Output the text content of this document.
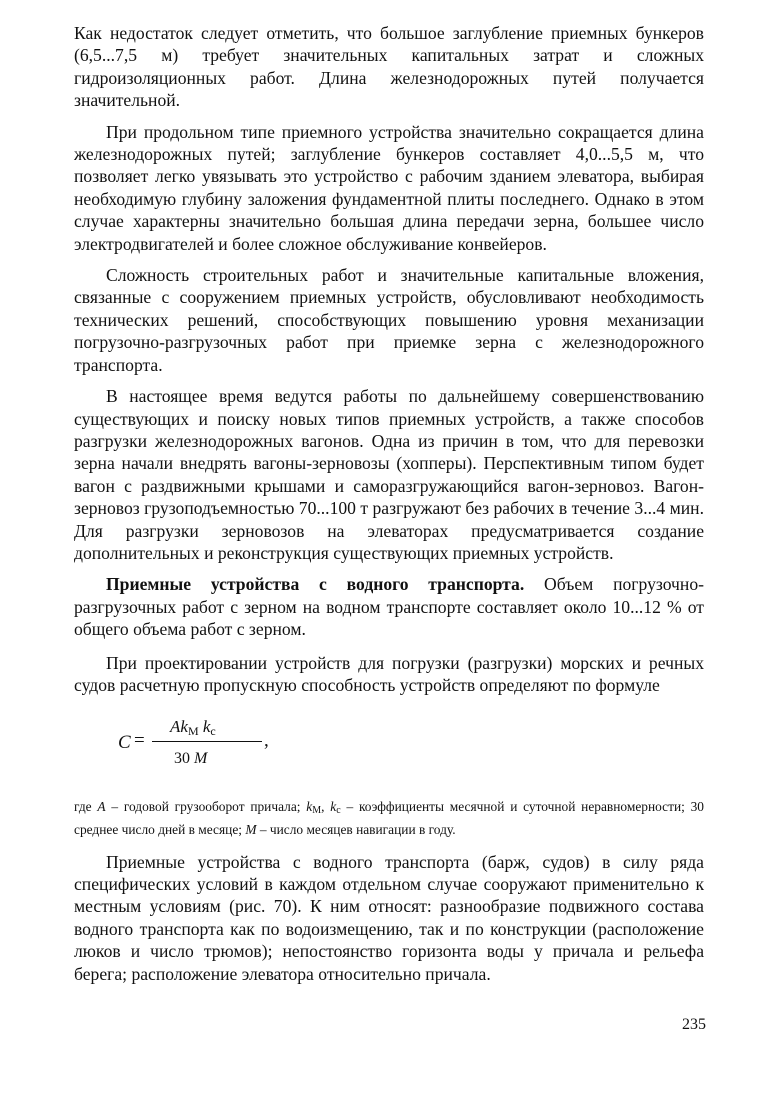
Как недостаток следует отметить, что большое заглубление приемных бункеров (6,5...7,5 м) требует значительных капитальных затрат и сложных гидроизоляционных работ. Длина железнодорожных путей получается значительной.

При продольном типе приемного устройства значительно сокращается длина железнодорожных путей; заглубление бункеров составляет 4,0...5,5 м, что позволяет легко увязывать это устройство с рабочим зданием элеватора, выбирая необходимую глубину заложения фундаментной плиты последнего. Однако в этом случае характерны значительно большая длина передачи зерна, большее число электродвигателей и более сложное обслуживание конвейеров.

Сложность строительных работ и значительные капитальные вложения, связанные с сооружением приемных устройств, обусловливают необходимость технических решений, способствующих повышению уровня механизации погрузочно-разгрузочных работ при приемке зерна с железнодорожного транспорта.

В настоящее время ведутся работы по дальнейшему совершенствованию существующих и поиску новых типов приемных устройств, а также способов разгрузки железнодорожных вагонов. Одна из причин в том, что для перевозки зерна начали внедрять вагоны-зерновозы (хопперы). Перспективным типом будет вагон с раздвижными крышами и саморазгружающийся вагон-зерновоз. Вагон-зерновоз грузоподъемностью 70...100 т разгружают без рабочих в течение 3...4 мин. Для разгрузки зерновозов на элеваторах предусматривается создание дополнительных и реконструкция существующих приемных устройств.

Приемные устройства с водного транспорта. Объем погрузочно-разгрузочных работ с зерном на водном транспорте составляет около 10...12 % от общего объема работ с зерном.

При проектировании устройств для погрузки (разгрузки) морских и речных судов расчетную пропускную способность устройств определяют по формуле

C =
$Ak_М$ $k_с$
30 M
,

где A – годовой грузооборот причала; $k_М$, $k_с$ – коэффициенты месячной и суточной неравномерности; 30 среднее число дней в месяце; M – число месяцев навигации в году.

Приемные устройства с водного транспорта (барж, судов) в силу ряда специфических условий в каждом отдельном случае сооружают применительно к местным условиям (рис. 70). К ним относят: разнообразие подвижного состава водного транспорта как по водоизмещению, так и по конструкции (расположение люков и число трюмов); непостоянство горизонта воды у причала и рельефа берега; расположение элеватора относительно причала.

235
